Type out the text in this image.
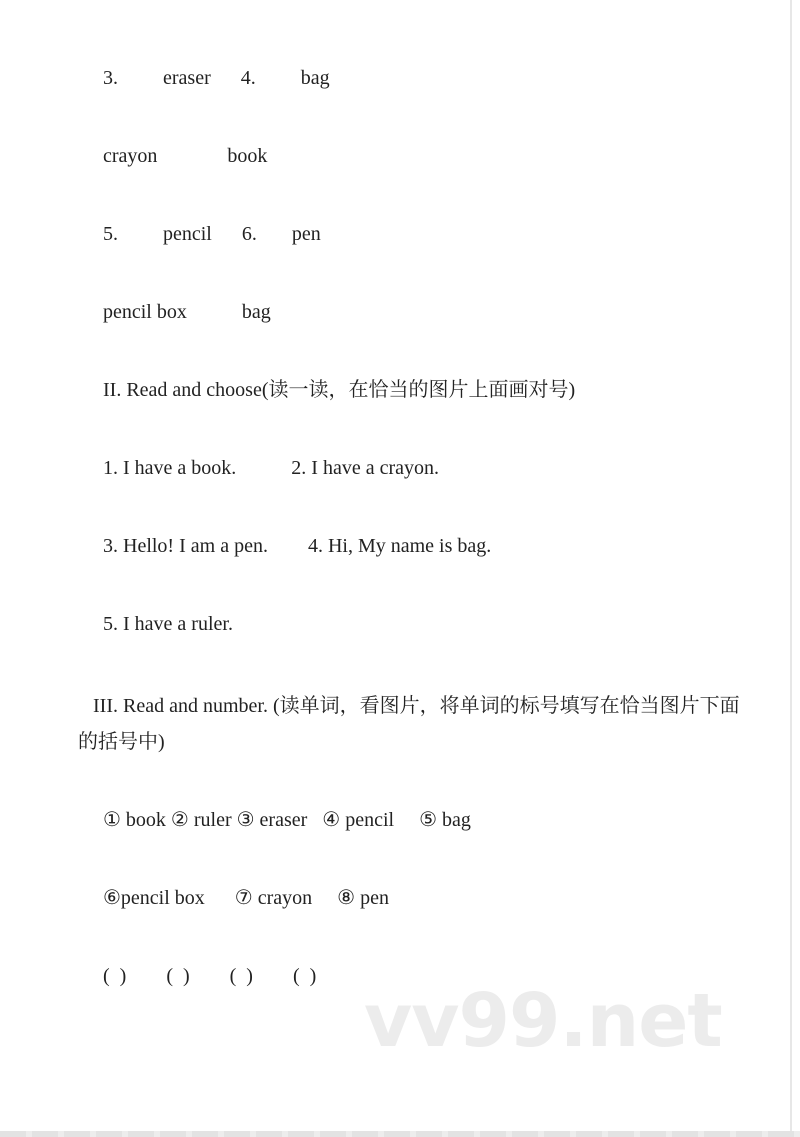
3.         eraser      4.         bag

crayon              book

5.         pencil      6.       pen

pencil box           bag

II. Read and choose(读一读，在恰当的图片上面画对号)

1. I have a book.           2. I have a crayon.

3. Hello! I am a pen.        4. Hi, My name is bag.

5. I have a ruler.

III. Read and number. (读单词，看图片，将单词的标号填写在恰当图片下面的括号中)

① book ② ruler ③ eraser   ④ pencil     ⑤ bag

⑥pencil box      ⑦ crayon     ⑧ pen

(  )        (  )        (  )        (  )

vv99.net
